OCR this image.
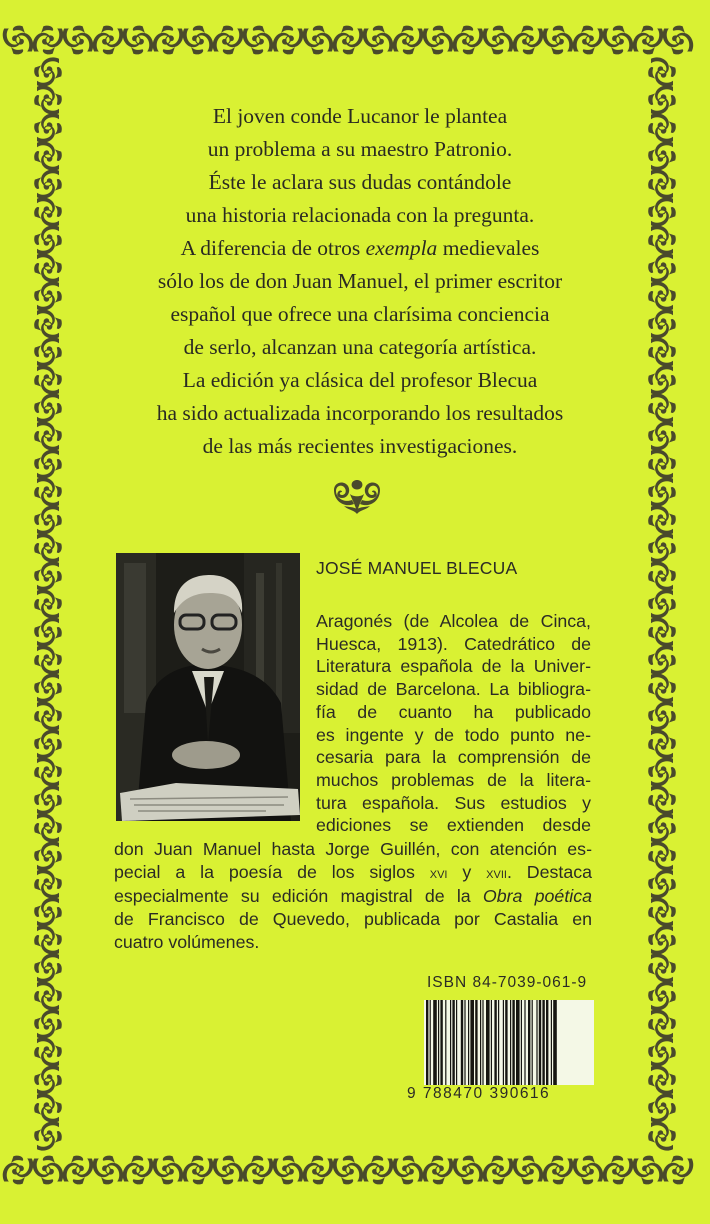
El joven conde Lucanor le plantea

un problema a su maestro Patronio.

Éste le aclara sus dudas contándole

una historia relacionada con la pregunta.

A diferencia de otros exempla medievales

sólo los de don Juan Manuel, el primer escritor

español que ofrece una clarísima conciencia

de serlo, alcanzan una categoría artística.

La edición ya clásica del profesor Blecua

ha sido actualizada incorporando los resultados

de las más recientes investigaciones.

JOSÉ MANUEL BLECUA
Aragonés (de Alcolea de Cinca,
Huesca, 1913). Catedrático de
Literatura española de la Univer-
sidad de Barcelona. La bibliogra-
fía de cuanto ha publicado
es ingente y de todo punto ne-
cesaria para la comprensión de
muchos problemas de la litera-
tura española. Sus estudios y
ediciones se extienden desde
don Juan Manuel hasta Jorge Guillén, con atención es-
pecial a la poesía de los siglos xvi y xvii. Destaca
especialmente su edición magistral de la Obra poética
de Francisco de Quevedo, publicada por Castalia en
cuatro volúmenes.
ISBN 84-7039-061-9
9 788470 390616
